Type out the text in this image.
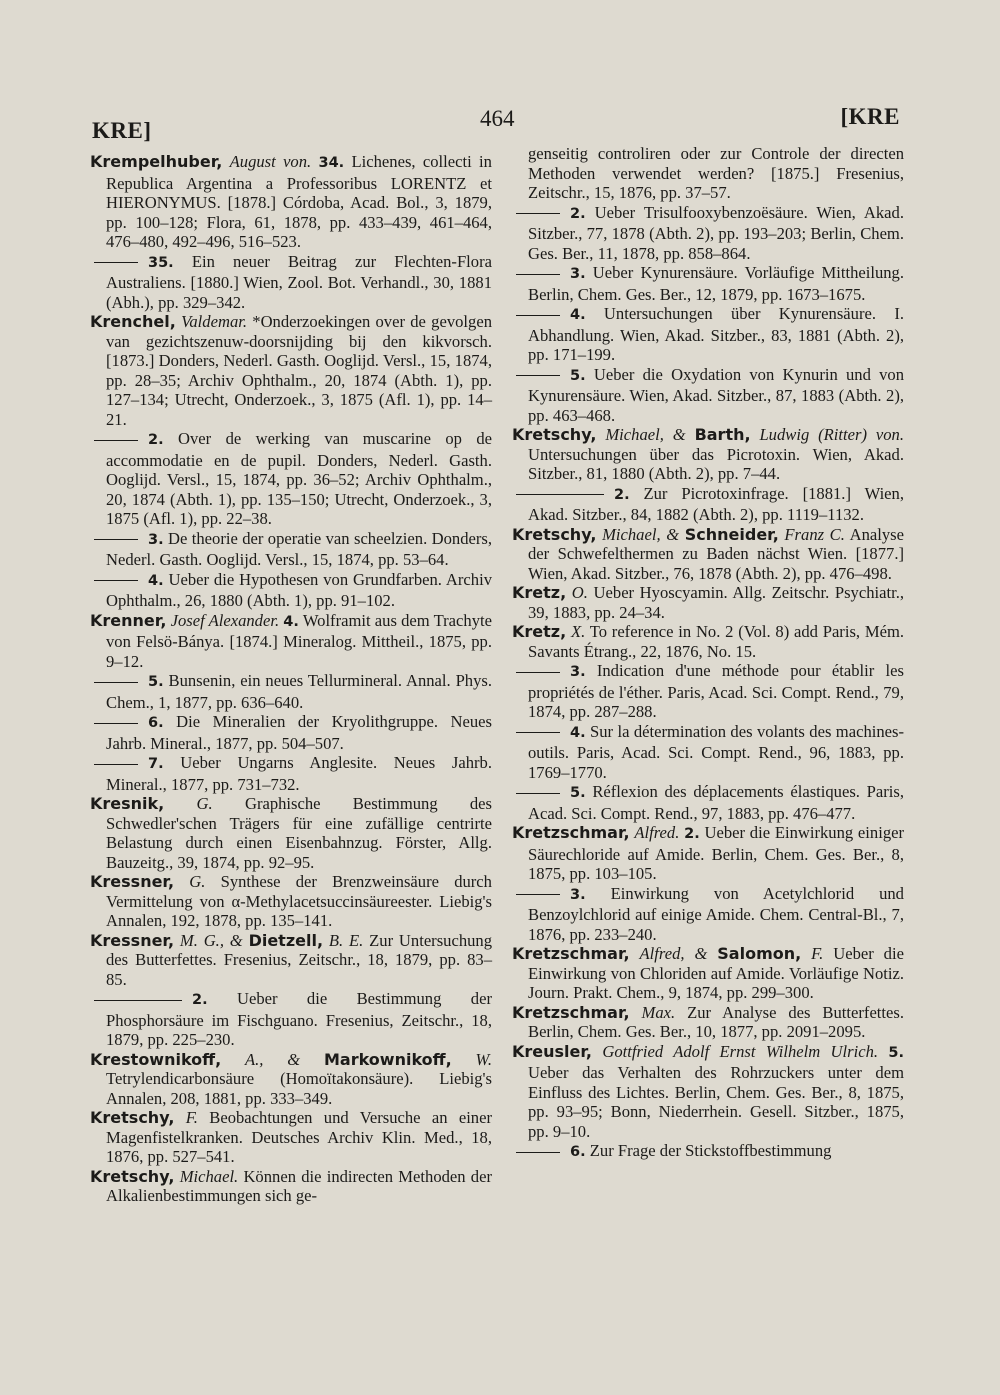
KRE]	464	[KRE

Krempelhuber, August von. 34. Lichenes, collecti in Republica Argentina a Professoribus LORENTZ et HIERONYMUS. [1878.] Córdoba, Acad. Bol., 3, 1879, pp. 100–128; Flora, 61, 1878, pp. 433–439, 461–464, 476–480, 492–496, 516–523.

35. Ein neuer Beitrag zur Flechten-Flora Australiens. [1880.] Wien, Zool. Bot. Verhandl., 30, 1881 (Abh.), pp. 329–342.

Krenchel, Valdemar. *Onderzoekingen over de gevolgen van gezichtszenuw-doorsnijding bij den kikvorsch. [1873.] Donders, Nederl. Gasth. Ooglijd. Versl., 15, 1874, pp. 28–35; Archiv Ophthalm., 20, 1874 (Abth. 1), pp. 127–134; Utrecht, Onderzoek., 3, 1875 (Afl. 1), pp. 14–21.

2. Over de werking van muscarine op de accommodatie en de pupil. Donders, Nederl. Gasth. Ooglijd. Versl., 15, 1874, pp. 36–52; Archiv Ophthalm., 20, 1874 (Abth. 1), pp. 135–150; Utrecht, Onderzoek., 3, 1875 (Afl. 1), pp. 22–38.

3. De theorie der operatie van scheelzien. Donders, Nederl. Gasth. Ooglijd. Versl., 15, 1874, pp. 53–64.

4. Ueber die Hypothesen von Grundfarben. Archiv Ophthalm., 26, 1880 (Abth. 1), pp. 91–102.

Krenner, Josef Alexander. 4. Wolframit aus dem Trachyte von Felsö-Bánya. [1874.] Mineralog. Mittheil., 1875, pp. 9–12.

5. Bunsenin, ein neues Tellurmineral. Annal. Phys. Chem., 1, 1877, pp. 636–640.

6. Die Mineralien der Kryolithgruppe. Neues Jahrb. Mineral., 1877, pp. 504–507.

7. Ueber Ungarns Anglesite. Neues Jahrb. Mineral., 1877, pp. 731–732.

Kresnik, G. Graphische Bestimmung des Schwedler'schen Trägers für eine zufällige centrirte Belastung durch einen Eisenbahnzug. Förster, Allg. Bauzeitg., 39, 1874, pp. 92–95.

Kressner, G. Synthese der Brenzweinsäure durch Vermittelung von α-Methylacetsuccinsäureester. Liebig's Annalen, 192, 1878, pp. 135–141.

Kressner, M. G., & Dietzell, B. E. Zur Untersuchung des Butterfettes. Fresenius, Zeitschr., 18, 1879, pp. 83–85.

2. Ueber die Bestimmung der Phosphorsäure im Fischguano. Fresenius, Zeitschr., 18, 1879, pp. 225–230.

Krestownikoff, A., & Markownikoff, W. Tetrylendicarbonsäure (Homoïtakonsäure). Liebig's Annalen, 208, 1881, pp. 333–349.

Kretschy, F. Beobachtungen und Versuche an einer Magenfistelkranken. Deutsches Archiv Klin. Med., 18, 1876, pp. 527–541.

Kretschy, Michael. Können die indirecten Methoden der Alkalienbestimmungen sich ge-

genseitig controliren oder zur Controle der directen Methoden verwendet werden? [1875.] Fresenius, Zeitschr., 15, 1876, pp. 37–57.

2. Ueber Trisulfooxybenzoësäure. Wien, Akad. Sitzber., 77, 1878 (Abth. 2), pp. 193–203; Berlin, Chem. Ges. Ber., 11, 1878, pp. 858–864.

3. Ueber Kynurensäure. Vorläufige Mittheilung. Berlin, Chem. Ges. Ber., 12, 1879, pp. 1673–1675.

4. Untersuchungen über Kynurensäure. I. Abhandlung. Wien, Akad. Sitzber., 83, 1881 (Abth. 2), pp. 171–199.

5. Ueber die Oxydation von Kynurin und von Kynurensäure. Wien, Akad. Sitzber., 87, 1883 (Abth. 2), pp. 463–468.

Kretschy, Michael, & Barth, Ludwig (Ritter) von. Untersuchungen über das Picrotoxin. Wien, Akad. Sitzber., 81, 1880 (Abth. 2), pp. 7–44.

2. Zur Picrotoxinfrage. [1881.] Wien, Akad. Sitzber., 84, 1882 (Abth. 2), pp. 1119–1132.

Kretschy, Michael, & Schneider, Franz C. Analyse der Schwefelthermen zu Baden nächst Wien. [1877.] Wien, Akad. Sitzber., 76, 1878 (Abth. 2), pp. 476–498.

Kretz, O. Ueber Hyoscyamin. Allg. Zeitschr. Psychiatr., 39, 1883, pp. 24–34.

Kretz, X. To reference in No. 2 (Vol. 8) add Paris, Mém. Savants Étrang., 22, 1876, No. 15.

3. Indication d'une méthode pour établir les propriétés de l'éther. Paris, Acad. Sci. Compt. Rend., 79, 1874, pp. 287–288.

4. Sur la détermination des volants des machines-outils. Paris, Acad. Sci. Compt. Rend., 96, 1883, pp. 1769–1770.

5. Réflexion des déplacements élastiques. Paris, Acad. Sci. Compt. Rend., 97, 1883, pp. 476–477.

Kretzschmar, Alfred. 2. Ueber die Einwirkung einiger Säurechloride auf Amide. Berlin, Chem. Ges. Ber., 8, 1875, pp. 103–105.

3. Einwirkung von Acetylchlorid und Benzoylchlorid auf einige Amide. Chem. Central-Bl., 7, 1876, pp. 233–240.

Kretzschmar, Alfred, & Salomon, F. Ueber die Einwirkung von Chloriden auf Amide. Vorläufige Notiz. Journ. Prakt. Chem., 9, 1874, pp. 299–300.

Kretzschmar, Max. Zur Analyse des Butterfettes. Berlin, Chem. Ges. Ber., 10, 1877, pp. 2091–2095.

Kreusler, Gottfried Adolf Ernst Wilhelm Ulrich. 5. Ueber das Verhalten des Rohrzuckers unter dem Einfluss des Lichtes. Berlin, Chem. Ges. Ber., 8, 1875, pp. 93–95; Bonn, Niederrhein. Gesell. Sitzber., 1875, pp. 9–10.

6. Zur Frage der Stickstoffbestimmung
